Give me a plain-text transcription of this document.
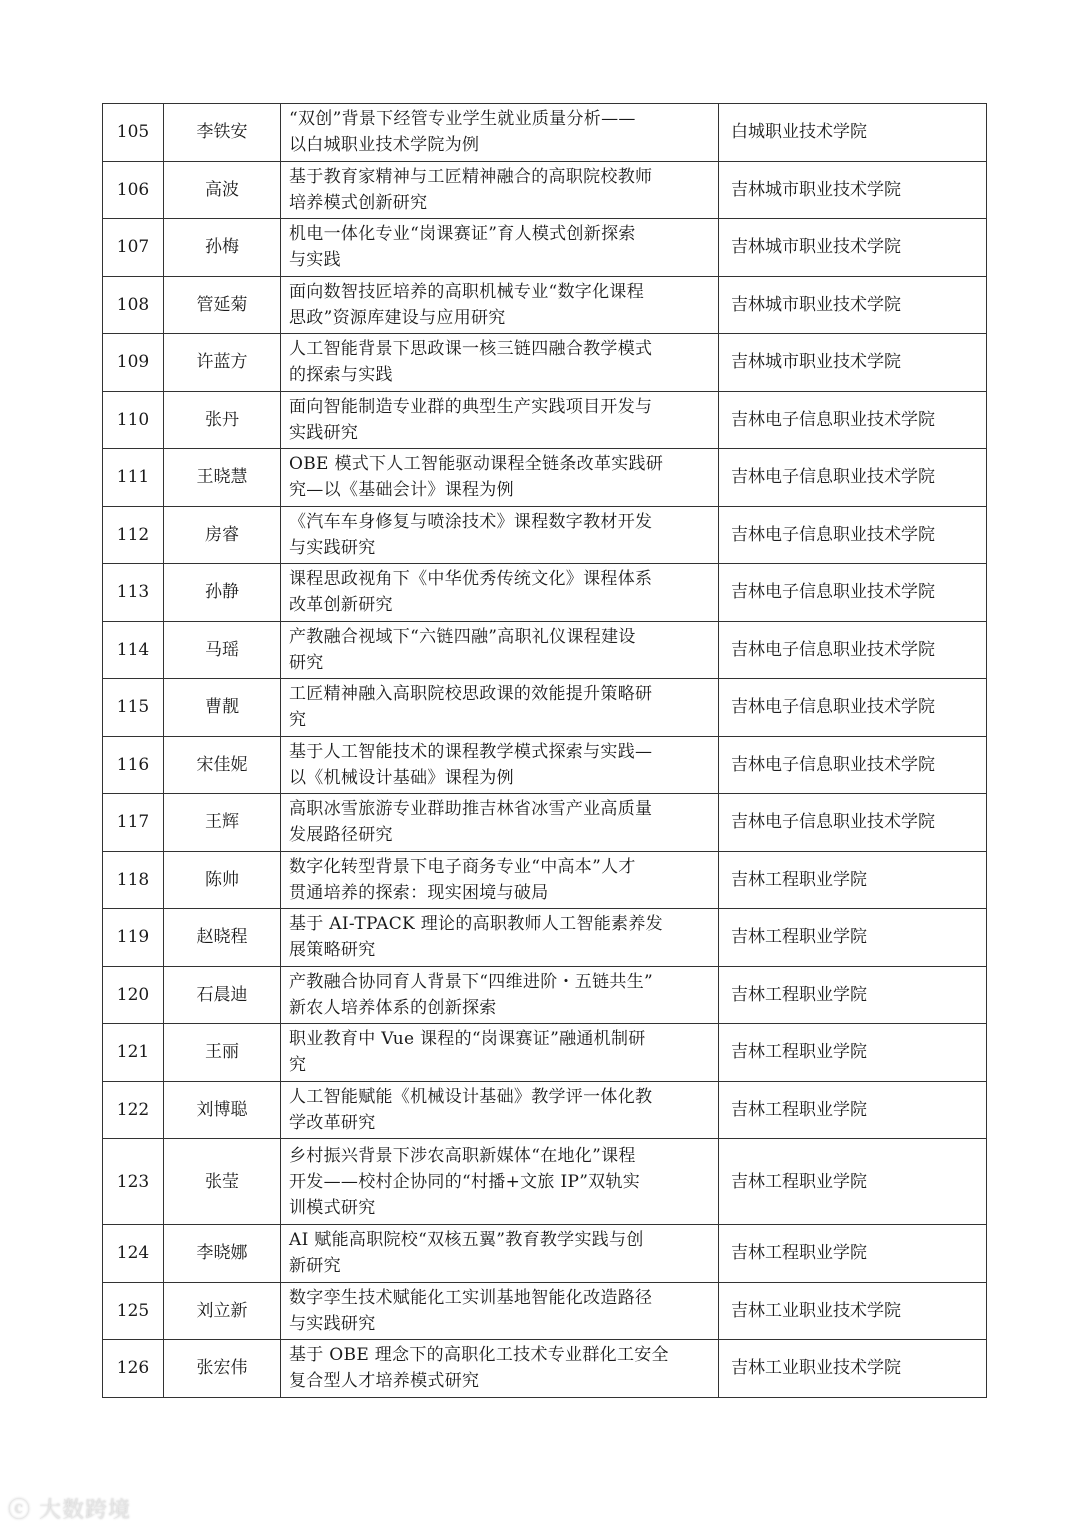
105	李铁安	“双创”背景下经管专业学生就业质量分析——
以白城职业技术学院为例	白城职业技术学院
106	高波	基于教育家精神与工匠精神融合的高职院校教师
培养模式创新研究	吉林城市职业技术学院
107	孙梅	机电一体化专业“岗课赛证”育人模式创新探索
与实践	吉林城市职业技术学院
108	管延菊	面向数智技匠培养的高职机械专业“数字化课程
思政”资源库建设与应用研究	吉林城市职业技术学院
109	许蓝方	人工智能背景下思政课一核三链四融合教学模式
的探索与实践	吉林城市职业技术学院
110	张丹	面向智能制造专业群的典型生产实践项目开发与
实践研究	吉林电子信息职业技术学院
111	王晓慧	OBE 模式下人工智能驱动课程全链条改革实践研
究—以《基础会计》课程为例	吉林电子信息职业技术学院
112	房睿	《汽车车身修复与喷涂技术》课程数字教材开发
与实践研究	吉林电子信息职业技术学院
113	孙静	课程思政视角下《中华优秀传统文化》课程体系
改革创新研究	吉林电子信息职业技术学院
114	马瑶	产教融合视域下“六链四融”高职礼仪课程建设
研究	吉林电子信息职业技术学院
115	曹靓	工匠精神融入高职院校思政课的效能提升策略研
究	吉林电子信息职业技术学院
116	宋佳妮	基于人工智能技术的课程教学模式探索与实践—
以《机械设计基础》课程为例	吉林电子信息职业技术学院
117	王辉	高职冰雪旅游专业群助推吉林省冰雪产业高质量
发展路径研究	吉林电子信息职业技术学院
118	陈帅	数字化转型背景下电子商务专业“中高本”人才
贯通培养的探索：现实困境与破局	吉林工程职业学院
119	赵晓程	基于 AI-TPACK 理论的高职教师人工智能素养发
展策略研究	吉林工程职业学院
120	石晨迪	产教融合协同育人背景下“四维进阶・五链共生”
新农人培养体系的创新探索	吉林工程职业学院
121	王丽	职业教育中 Vue 课程的“岗课赛证”融通机制研
究	吉林工程职业学院
122	刘博聪	人工智能赋能《机械设计基础》教学评一体化教
学改革研究	吉林工程职业学院
123	张莹	乡村振兴背景下涉农高职新媒体“在地化”课程
开发——校村企协同的“村播+文旅 IP”双轨实
训模式研究	吉林工程职业学院
124	李晓娜	AI 赋能高职院校“双核五翼”教育教学实践与创
新研究	吉林工程职业学院
125	刘立新	数字孪生技术赋能化工实训基地智能化改造路径
与实践研究	吉林工业职业技术学院
126	张宏伟	基于 OBE 理念下的高职化工技术专业群化工安全
复合型人才培养模式研究	吉林工业职业技术学院
ⓒ 大数跨境
